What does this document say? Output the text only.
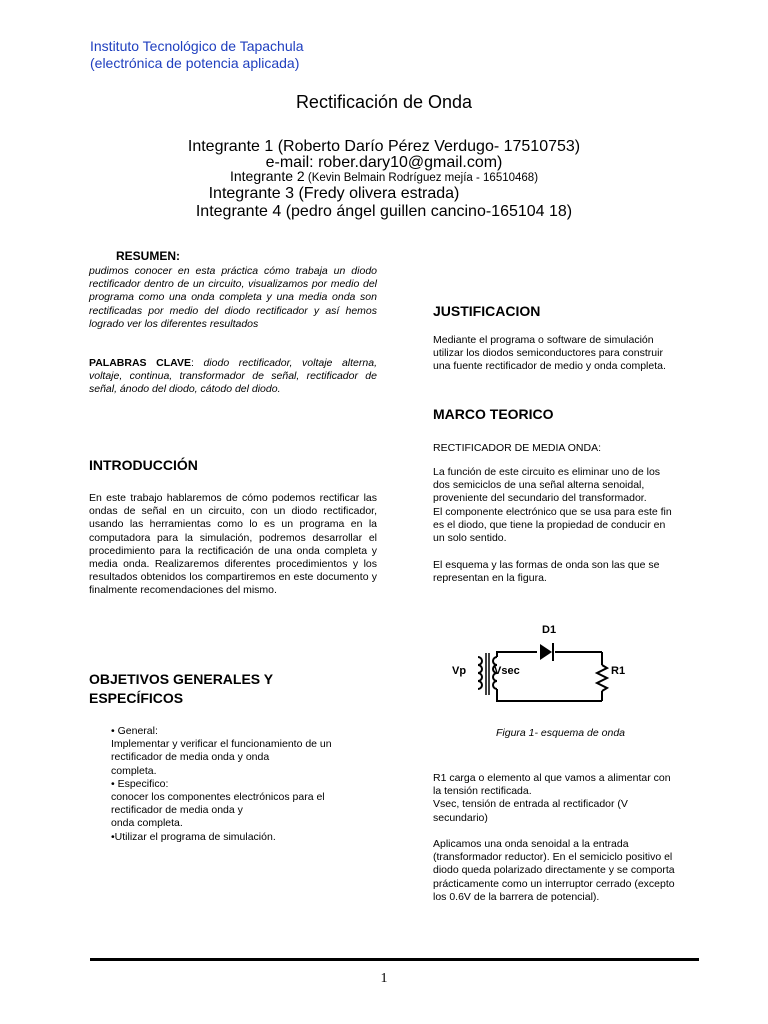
Instituto Tecnológico de Tapachula
(electrónica de potencia aplicada)
Rectificación de Onda
Integrante 1 (Roberto Darío Pérez Verdugo- 17510753)
e-mail: rober.dary10@gmail.com)
Integrante 2 (Kevin Belmain Rodríguez mejía - 16510468)
Integrante 3 (Fredy olivera estrada)
Integrante 4 (pedro ángel guillen cancino-165104 18)
RESUMEN:
pudimos conocer en esta práctica cómo trabaja un diodo rectificador dentro de un circuito, visualizamos por medio del programa como una onda completa y una media onda son rectificadas por medio del diodo rectificador y así hemos logrado ver los diferentes resultados
PALABRAS CLAVE: diodo rectificador, voltaje alterna, voltaje, continua, transformador de señal, rectificador de señal, ánodo del diodo, cátodo del diodo.
INTRODUCCIÓN
En este trabajo hablaremos de cómo podemos rectificar las ondas de señal en un circuito, con un diodo rectificador, usando las herramientas como lo es un programa en la computadora para la simulación, podremos desarrollar el procedimiento para la rectificación de una onda completa y media onda. Realizaremos diferentes procedimientos y los resultados obtenidos los compartiremos en este documento y finalmente recomendaciones del mismo.
OBJETIVOS GENERALES Y
ESPECÍFICOS
• General:
Implementar y verificar el funcionamiento de un
rectificador de media onda y onda
completa.
• Especifico:
conocer los componentes electrónicos para el
rectificador de media onda y
onda completa.
•Utilizar el programa de simulación.
JUSTIFICACION
Mediante el programa o software de simulación
utilizar los diodos semiconductores para construir
una fuente rectificador de medio y onda completa.
MARCO TEORICO
RECTIFICADOR DE MEDIA ONDA:
La función de este circuito es eliminar uno de los
dos semiciclos de una señal alterna senoidal,
proveniente del secundario del transformador.
El componente electrónico que se usa para este fin
es el diodo, que tiene la propiedad de conducir en
un solo sentido.
El esquema y las formas de onda son las que se
representan en la figura.
D1
Vp	Vsec	R1
Figura 1- esquema de onda
R1 carga o elemento al que vamos a alimentar con
la tensión rectificada.
Vsec, tensión de entrada al rectificador (V
secundario)
Aplicamos una onda senoidal a la entrada
(transformador reductor). En el semiciclo positivo el
diodo queda polarizado directamente y se comporta
prácticamente como un interruptor cerrado (excepto
los 0.6V de la barrera de potencial).
1
